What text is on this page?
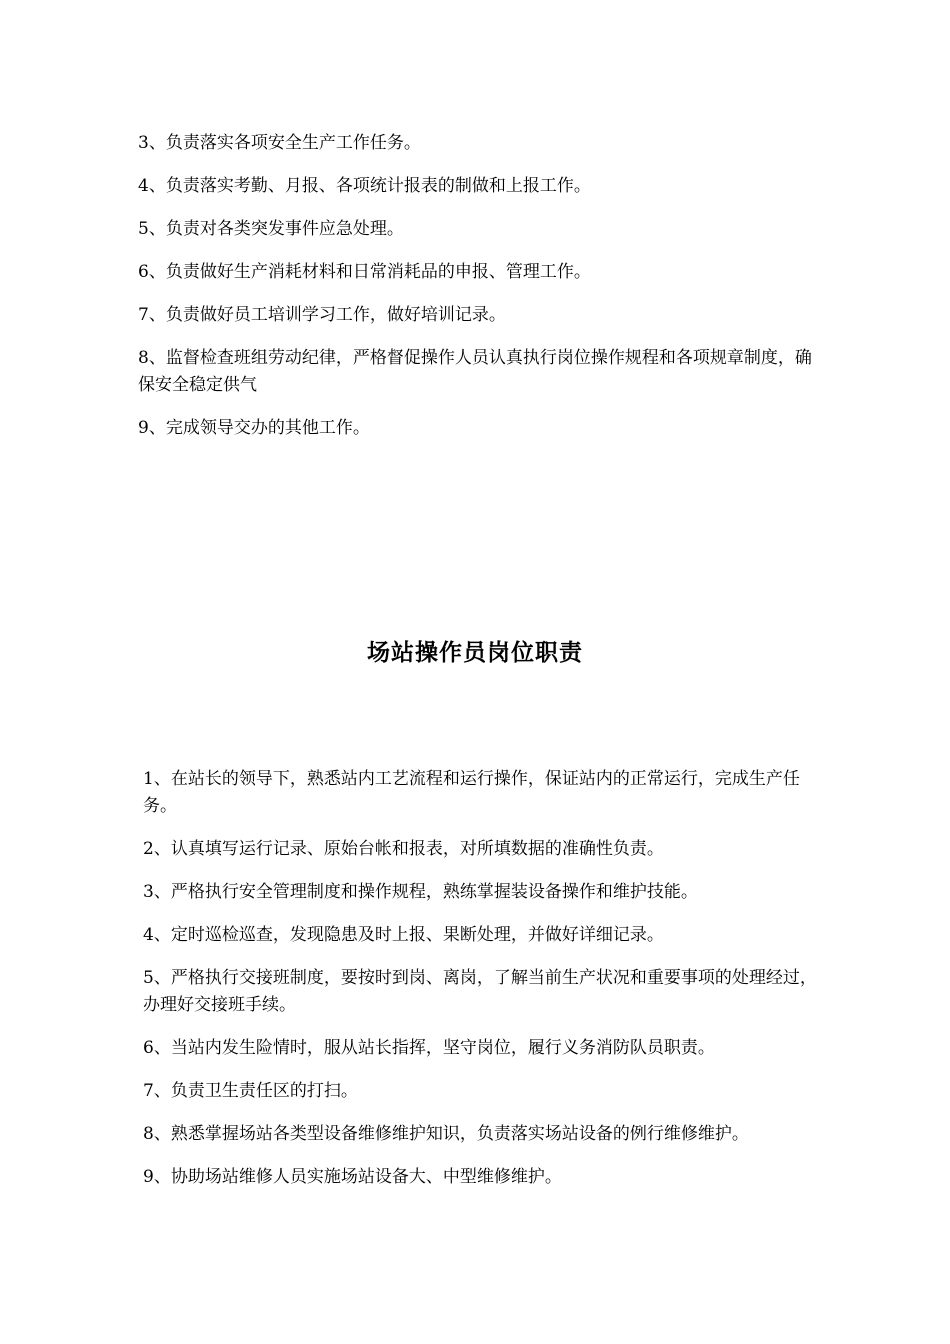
3、负责落实各项安全生产工作任务。

4、负责落实考勤、月报、各项统计报表的制做和上报工作。

5、负责对各类突发事件应急处理。

6、负责做好生产消耗材料和日常消耗品的申报、管理工作。

7、负责做好员工培训学习工作，做好培训记录。

8、监督检查班组劳动纪律，严格督促操作人员认真执行岗位操作规程和各项规章制度，确保安全稳定供气

9、完成领导交办的其他工作。

场站操作员岗位职责

1、在站长的领导下，熟悉站内工艺流程和运行操作，保证站内的正常运行，完成生产任务。

2、认真填写运行记录、原始台帐和报表，对所填数据的准确性负责。

3、严格执行安全管理制度和操作规程，熟练掌握装设备操作和维护技能。

4、定时巡检巡查，发现隐患及时上报、果断处理，并做好详细记录。

5、严格执行交接班制度，要按时到岗、离岗，了解当前生产状况和重要事项的处理经过，办理好交接班手续。

6、当站内发生险情时，服从站长指挥，坚守岗位，履行义务消防队员职责。

7、负责卫生责任区的打扫。

8、熟悉掌握场站各类型设备维修维护知识，负责落实场站设备的例行维修维护。

9、协助场站维修人员实施场站设备大、中型维修维护。
